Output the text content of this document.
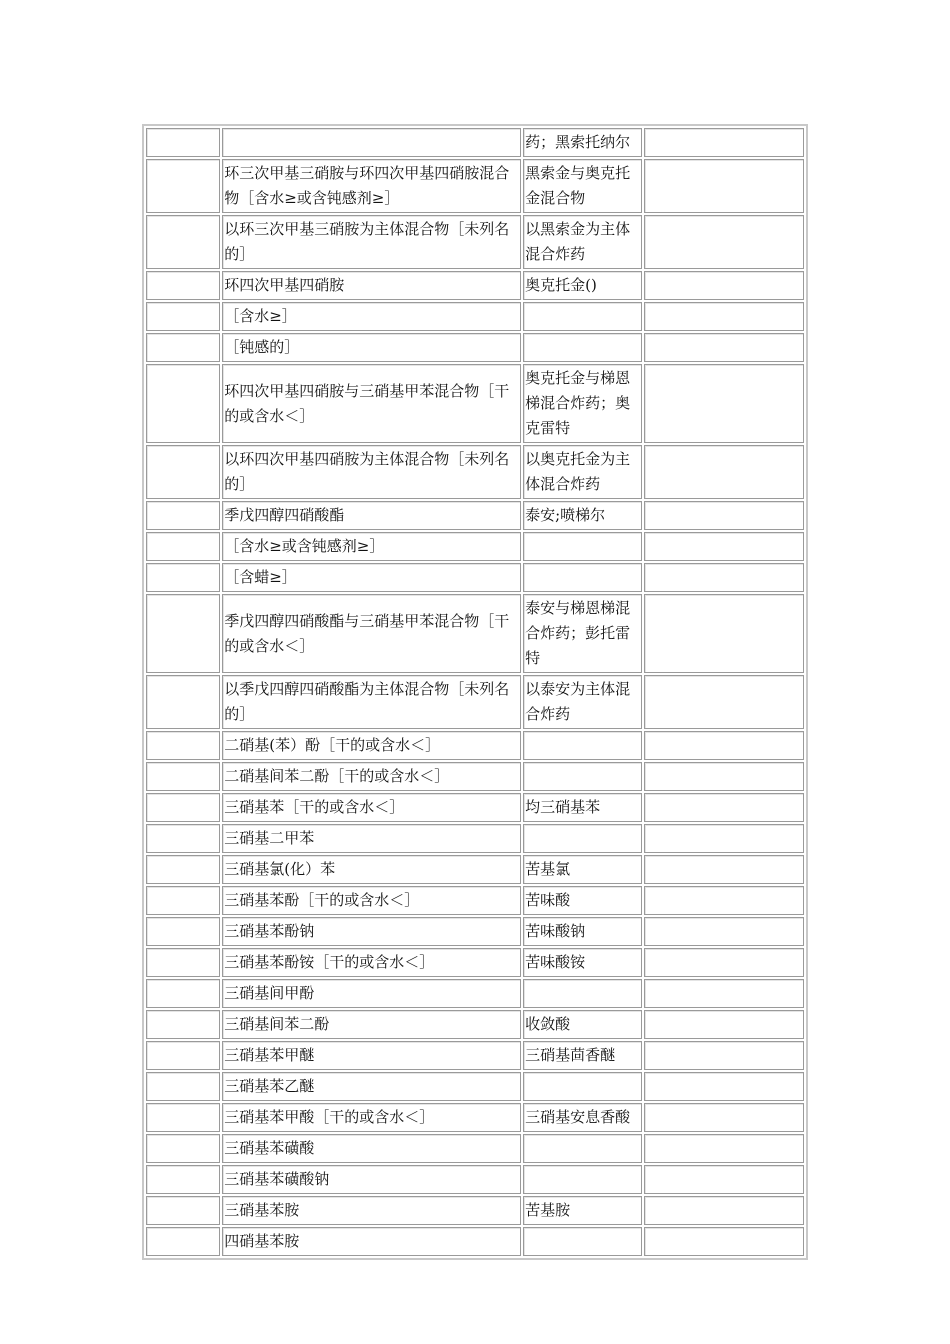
		药；黑索托纳尔	
	环三次甲基三硝胺与环四次甲基四硝胺混合物［含水≥或含钝感剂≥］	黑索金与奥克托金混合物	
	以环三次甲基三硝胺为主体混合物［未列名的］	以黑索金为主体混合炸药	
	环四次甲基四硝胺	奥克托金()	
	［含水≥］		
	［钝感的］		
	环四次甲基四硝胺与三硝基甲苯混合物［干的或含水＜］	奥克托金与梯恩梯混合炸药；奥克雷特	
	以环四次甲基四硝胺为主体混合物［未列名的］	以奥克托金为主体混合炸药	
	季戊四醇四硝酸酯	泰安;喷梯尔	
	［含水≥或含钝感剂≥］		
	［含蜡≥］		
	季戊四醇四硝酸酯与三硝基甲苯混合物［干的或含水＜］	泰安与梯恩梯混合炸药；彭托雷特	
	以季戊四醇四硝酸酯为主体混合物［未列名的］	以泰安为主体混合炸药	
	二硝基(苯）酚［干的或含水＜］		
	二硝基间苯二酚［干的或含水＜］		
	三硝基苯［干的或含水＜］	均三硝基苯	
	三硝基二甲苯		
	三硝基氯(化）苯	苦基氯	
	三硝基苯酚［干的或含水＜］	苦味酸	
	三硝基苯酚钠	苦味酸钠	
	三硝基苯酚铵［干的或含水＜］	苦味酸铵	
	三硝基间甲酚		
	三硝基间苯二酚	收敛酸	
	三硝基苯甲醚	三硝基茴香醚	
	三硝基苯乙醚		
	三硝基苯甲酸［干的或含水＜］	三硝基安息香酸	
	三硝基苯磺酸		
	三硝基苯磺酸钠		
	三硝基苯胺	苦基胺	
	四硝基苯胺		
